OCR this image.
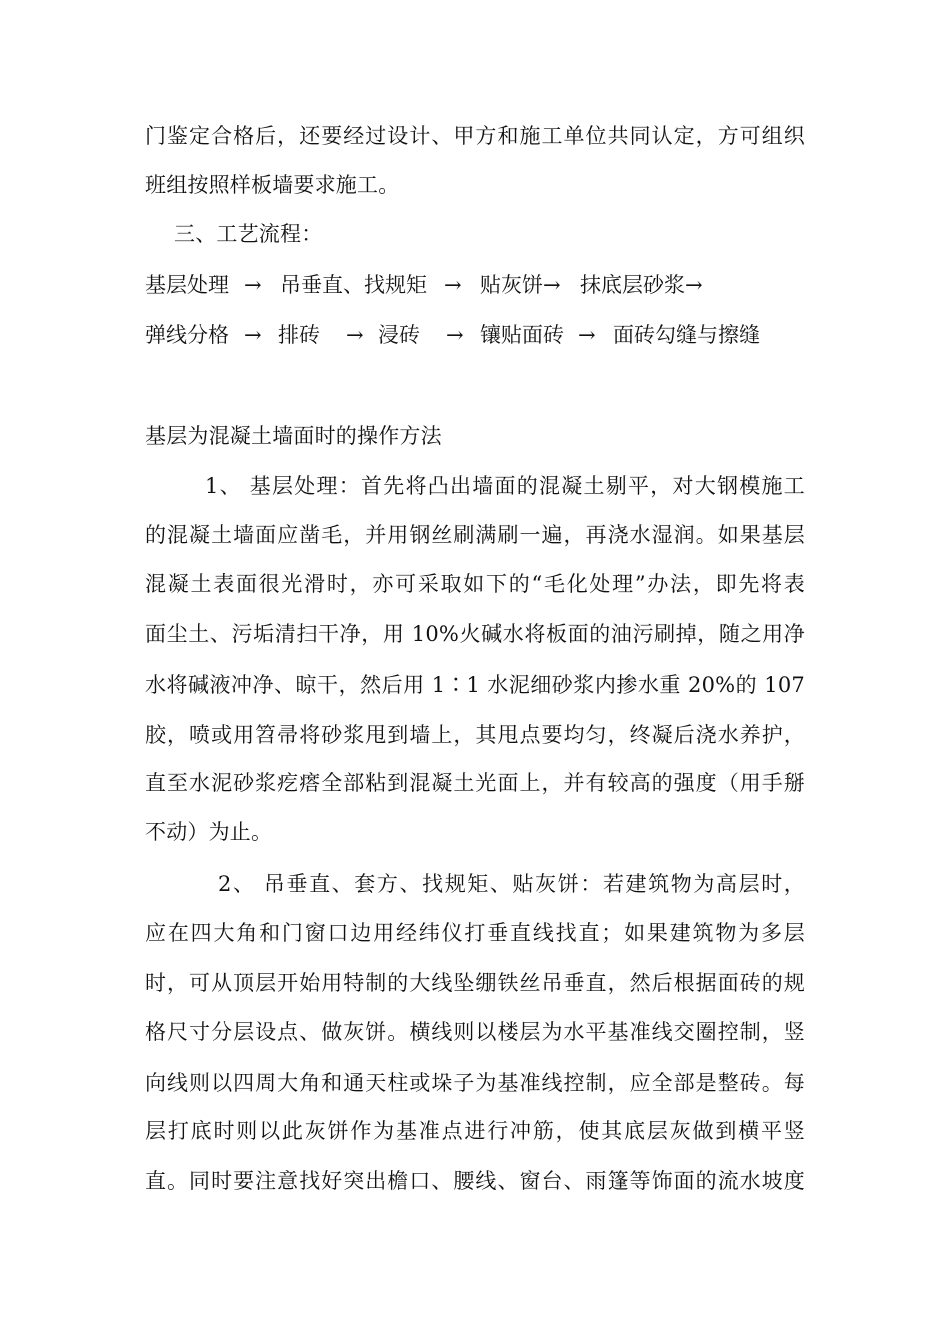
门鉴定合格后，还要经过设计、甲方和施工单位共同认定，方可组织
班组按照样板墙要求施工。
三、工艺流程：
基层处理 → 吊垂直、找规矩 → 贴灰饼→ 抹底层砂浆→
弹线分格 → 排砖 → 浸砖 → 镶贴面砖 → 面砖勾缝与擦缝
基层为混凝土墙面时的操作方法
1、 基层处理：首先将凸出墙面的混凝土剔平，对大钢模施工
的混凝土墙面应凿毛，并用钢丝刷满刷一遍，再浇水湿润。如果基层
混凝土表面很光滑时，亦可采取如下的“毛化处理”办法，即先将表
面尘土、污垢清扫干净，用 10%火碱水将板面的油污刷掉，随之用净
水将碱液冲净、晾干，然后用 1∶1 水泥细砂浆内掺水重 20%的 107
胶，喷或用笤帚将砂浆甩到墙上，其甩点要均匀，终凝后浇水养护，
直至水泥砂浆疙瘩全部粘到混凝土光面上，并有较高的强度（用手掰
不动）为止。
2、 吊垂直、套方、找规矩、贴灰饼：若建筑物为高层时，
应在四大角和门窗口边用经纬仪打垂直线找直；如果建筑物为多层
时，可从顶层开始用特制的大线坠绷铁丝吊垂直，然后根据面砖的规
格尺寸分层设点、做灰饼。横线则以楼层为水平基准线交圈控制，竖
向线则以四周大角和通天柱或垛子为基准线控制，应全部是整砖。每
层打底时则以此灰饼作为基准点进行冲筋，使其底层灰做到横平竖
直。同时要注意找好突出檐口、腰线、窗台、雨篷等饰面的流水坡度
